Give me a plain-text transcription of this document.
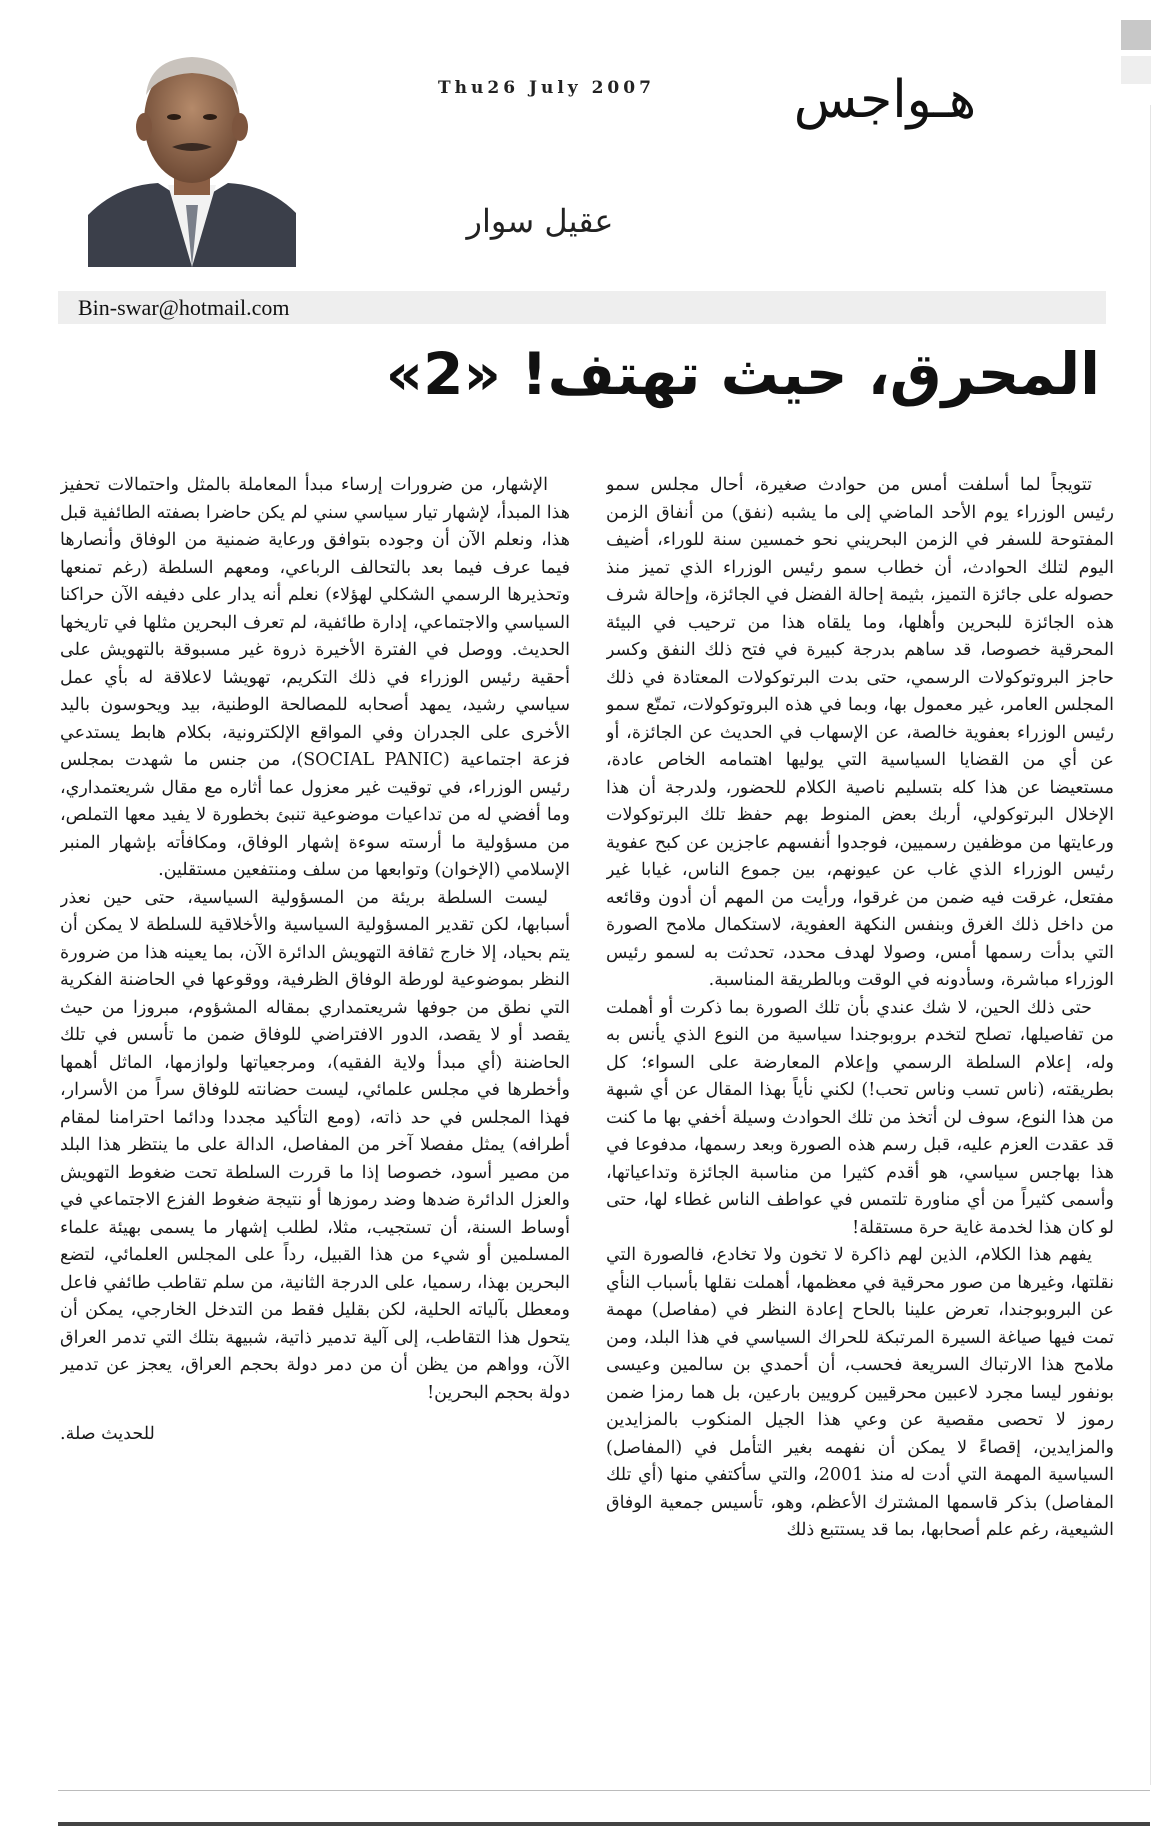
Thu26 July 2007	هـواجس
عقيل سوار
Bin-swar@hotmail.com
المحرق، حيث تهتف! «2»

تتويجاً لما أسلفت أمس من حوادث صغيرة، أحال مجلس سمو رئيس الوزراء يوم الأحد الماضي إلى ما يشبه (نفق) من أنفاق الزمن المفتوحة للسفر في الزمن البحريني نحو خمسين سنة للوراء، أضيف اليوم لتلك الحوادث، أن خطاب سمو رئيس الوزراء الذي تميز منذ حصوله على جائزة التميز، بثيمة إحالة الفضل في الجائزة، وإحالة شرف هذه الجائزة للبحرين وأهلها، وما يلقاه هذا من ترحيب في البيئة المحرقية خصوصا، قد ساهم بدرجة كبيرة في فتح ذلك النفق وكسر حاجز البروتوكولات الرسمي، حتى بدت البرتوكولات المعتادة في ذلك المجلس العامر، غير معمول بها، وبما في هذه البروتوكولات، تمتّع سمو رئيس الوزراء بعفوية خالصة، عن الإسهاب في الحديث عن الجائزة، أو عن أي من القضايا السياسية التي يوليها اهتمامه الخاص عادة، مستعيضا عن هذا كله بتسليم ناصية الكلام للحضور، ولدرجة أن هذا الإخلال البرتوكولي، أربك بعض المنوط بهم حفظ تلك البرتوكولات ورعايتها من موظفين رسميين، فوجدوا أنفسهم عاجزين عن كبح عفوية رئيس الوزراء الذي غاب عن عيونهم، بين جموع الناس، غيابا غير مفتعل، غرقت فيه ضمن من غرقوا، ورأيت من المهم أن أدون وقائعه من داخل ذلك الغرق وبنفس النكهة العفوية، لاستكمال ملامح الصورة التي بدأت رسمها أمس، وصولا لهدف محدد، تحدثت به لسمو رئيس الوزراء مباشرة، وسأدونه في الوقت وبالطريقة المناسبة.

حتى ذلك الحين، لا شك عندي بأن تلك الصورة بما ذكرت أو أهملت من تفاصيلها، تصلح لتخدم بروبوجندا سياسية من النوع الذي يأنس به وله، إعلام السلطة الرسمي وإعلام المعارضة على السواء؛ كل بطريقته، (ناس تسب وناس تحب!) لكني نأياً بهذا المقال عن أي شبهة من هذا النوع، سوف لن أتخذ من تلك الحوادث وسيلة أخفي بها ما كنت قد عقدت العزم عليه، قبل رسم هذه الصورة وبعد رسمها، مدفوعا في هذا بهاجس سياسي، هو أقدم كثيرا من مناسبة الجائزة وتداعياتها، وأسمى كثيراً من أي مناورة تلتمس في عواطف الناس غطاء لها، حتى لو كان هذا لخدمة غاية حرة مستقلة!

يفهم هذا الكلام، الذين لهم ذاكرة لا تخون ولا تخادع، فالصورة التي نقلتها، وغيرها من صور محرقية في معظمها، أهملت نقلها بأسباب النأي عن البروبوجندا، تعرض علينا بالحاح إعادة النظر في (مفاصل) مهمة تمت فيها صياغة السيرة المرتبكة للحراك السياسي في هذا البلد، ومن ملامح هذا الارتباك السريعة فحسب، أن أحمدي بن سالمين وعيسى بونفور ليسا مجرد لاعبين محرقيين كرويين بارعين، بل هما رمزا ضمن رموز لا تحصى مقصية عن وعي هذا الجيل المنكوب بالمزايدين والمزايدين، إقصاءً لا يمكن أن نفهمه بغير التأمل في (المفاصل) السياسية المهمة التي أدت له منذ 2001، والتي سأكتفي منها (أي تلك المفاصل) بذكر قاسمها المشترك الأعظم، وهو، تأسيس جمعية الوفاق الشيعية، رغم علم أصحابها، بما قد يستتبع ذلك

الإشهار، من ضرورات إرساء مبدأ المعاملة بالمثل واحتمالات تحفيز هذا المبدأ، لإشهار تيار سياسي سني لم يكن حاضرا بصفته الطائفية قبل هذا، ونعلم الآن أن وجوده بتوافق ورعاية ضمنية من الوفاق وأنصارها فيما عرف فيما بعد بالتحالف الرباعي، ومعهم السلطة (رغم تمنعها وتحذيرها الرسمي الشكلي لهؤلاء) نعلم أنه يدار على دفيفه الآن حراكنا السياسي والاجتماعي، إدارة طائفية، لم تعرف البحرين مثلها في تاريخها الحديث. ووصل في الفترة الأخيرة ذروة غير مسبوقة بالتهويش على أحقية رئيس الوزراء في ذلك التكريم، تهويشا لاعلاقة له بأي عمل سياسي رشيد، يمهد أصحابه للمصالحة الوطنية، بيد ويحوسون باليد الأخرى على الجدران وفي المواقع الإلكترونية، بكلام هابط يستدعي فزعة اجتماعية (SOCIAL PANIC)، من جنس ما شهدت بمجلس رئيس الوزراء، في توقيت غير معزول عما أثاره مع مقال شريعتمداري، وما أفضي له من تداعيات موضوعية تنبئ بخطورة لا يفيد معها التملص، من مسؤولية ما أرسته سوءة إشهار الوفاق، ومكافأته بإشهار المنبر الإسلامي (الإخوان) وتوابعها من سلف ومنتفعين مستقلين.

ليست السلطة بريئة من المسؤولية السياسية، حتى حين نعذر أسبابها، لكن تقدير المسؤولية السياسية والأخلاقية للسلطة لا يمكن أن يتم بحياد، إلا خارج ثقافة التهويش الدائرة الآن، بما يعينه هذا من ضرورة النظر بموضوعية لورطة الوفاق الظرفية، ووقوعها في الحاضنة الفكرية التي نطق من جوفها شريعتمداري بمقاله المشؤوم، مبروزا من حيث يقصد أو لا يقصد، الدور الافتراضي للوفاق ضمن ما تأسس في تلك الحاضنة (أي مبدأ ولاية الفقيه)، ومرجعياتها ولوازمها، الماثل أهمها وأخطرها في مجلس علمائي، ليست حضانته للوفاق سراً من الأسرار، فهذا المجلس في حد ذاته، (ومع التأكيد مجددا ودائما احترامنا لمقام أطرافه) يمثل مفصلا آخر من المفاصل، الدالة على ما ينتظر هذا البلد من مصير أسود، خصوصا إذا ما قررت السلطة تحت ضغوط التهويش والعزل الدائرة ضدها وضد رموزها أو نتيجة ضغوط الفزع الاجتماعي في أوساط السنة، أن تستجيب، مثلا، لطلب إشهار ما يسمى بهيئة علماء المسلمين أو شيء من هذا القبيل، رداً على المجلس العلمائي، لتضع البحرين بهذا، رسميا، على الدرجة الثانية، من سلم تقاطب طائفي فاعل ومعطل بآلياته الحلية، لكن بقليل فقط من التدخل الخارجي، يمكن أن يتحول هذا التقاطب، إلى آلية تدمير ذاتية، شبيهة بتلك التي تدمر العراق الآن، وواهم من يظن أن من دمر دولة بحجم العراق، يعجز عن تدمير دولة بحجم البحرين!

للحديث صلة.
